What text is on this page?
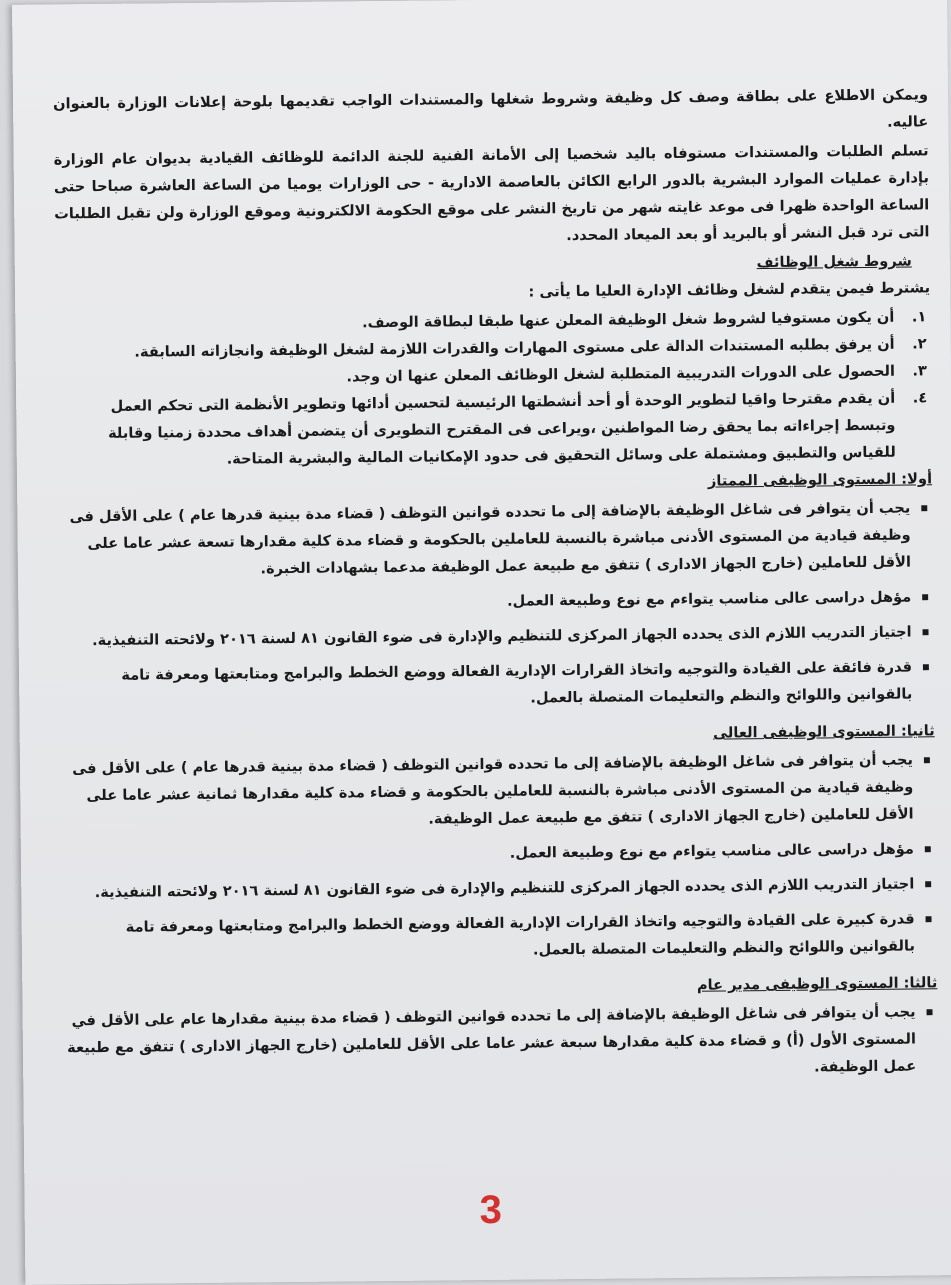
ويمكن الاطلاع على بطاقة وصف كل وظيفة وشروط شغلها والمستندات الواجب تقديمها بلوحة إعلانات الوزارة بالعنوان عاليه.

تسلم الطلبات والمستندات مستوفاه باليد شخصيا إلى الأمانة الفنية للجنة الدائمة للوظائف القيادية بديوان عام الوزارة بإدارة عمليات الموارد البشرية بالدور الرابع الكائن بالعاصمة الادارية - حى الوزارات يوميا من الساعة العاشرة صباحا حتى الساعة الواحدة ظهرا فى موعد غايته شهر من تاريخ النشر على موقع الحكومة الالكترونية وموقع الوزارة ولن تقبل الطلبات التى ترد قبل النشر أو بالبريد أو بعد الميعاد المحدد.

شروط شغل الوظائف
يشترط فيمن يتقدم لشغل وظائف الإدارة العليا ما يأتى :
١.
أن يكون مستوفيا لشروط شغل الوظيفة المعلن عنها طبقا لبطاقة الوصف.
٢.
أن يرفق بطلبه المستندات الدالة على مستوى المهارات والقدرات اللازمة لشغل الوظيفة وانجازاته السابقة.
٣.
الحصول على الدورات التدريبية المتطلبة لشغل الوظائف المعلن عنها ان وجد.
٤.
أن يقدم مقترحا واقيا لتطوير الوحدة أو أحد أنشطتها الرئيسية لتحسين أدائها وتطوير الأنظمة التى تحكم العمل وتبسط إجراءاته بما يحقق رضا المواطنين ،ويراعى فى المقترح التطويرى أن يتضمن أهداف محددة زمنيا وقابلة للقياس والتطبيق ومشتملة على وسائل التحقيق فى حدود الإمكانيات المالية والبشرية المتاحة.
أولا: المستوى الوظيفى الممتاز
▪
يجب أن يتوافر فى شاغل الوظيفة بالإضافة إلى ما تحدده قوانين التوظف ( قضاء مدة بينية قدرها عام ) على الأقل فى وظيفة قيادية من المستوى الأدنى مباشرة بالنسبة للعاملين بالحكومة و قضاء مدة كلية مقدارها تسعة عشر عاما على الأقل للعاملين (خارج الجهاز الادارى ) تتفق مع طبيعة عمل الوظيفة مدعما بشهادات الخبرة.
▪
مؤهل دراسى عالى مناسب يتواءم مع نوع وطبيعة العمل.
▪
اجتياز التدريب اللازم الذى يحدده الجهاز المركزى للتنظيم والإدارة فى ضوء القانون ٨١ لسنة ٢٠١٦ ولائحته التنفيذية.
▪
قدرة فائقة على القيادة والتوجيه واتخاذ القرارات الإدارية الفعالة ووضع الخطط والبرامج ومتابعتها ومعرفة تامة بالقوانين واللوائح والنظم والتعليمات المتصلة بالعمل.
ثانيا: المستوى الوظيفى العالى
▪
يجب أن يتوافر فى شاغل الوظيفة بالإضافة إلى ما تحدده قوانين التوظف ( قضاء مدة بينية قدرها عام ) على الأقل فى وظيفة قيادية من المستوى الأدنى مباشرة بالنسبة للعاملين بالحكومة و قضاء مدة كلية مقدارها ثمانية عشر عاما على الأقل للعاملين (خارج الجهاز الادارى ) تتفق مع طبيعة عمل الوظيفة.
▪
مؤهل دراسى عالى مناسب يتواءم مع نوع وطبيعة العمل.
▪
اجتياز التدريب اللازم الذى يحدده الجهاز المركزى للتنظيم والإدارة فى ضوء القانون ٨١ لسنة ٢٠١٦ ولائحته التنفيذية.
▪
قدرة كبيرة على القيادة والتوجيه واتخاذ القرارات الإدارية الفعالة ووضع الخطط والبرامج ومتابعتها ومعرفة تامة بالقوانين واللوائح والنظم والتعليمات المتصلة بالعمل.
ثالثا: المستوى الوظيفى مدير عام
▪
يجب أن يتوافر فى شاغل الوظيفة بالإضافة إلى ما تحدده قوانين التوظف ( قضاء مدة بينية مقدارها عام على الأقل في المستوى الأول (أ) و قضاء مدة كلية مقدارها سبعة عشر عاما على الأقل للعاملين (خارج الجهاز الادارى ) تتفق مع طبيعة عمل الوظيفة.
3
